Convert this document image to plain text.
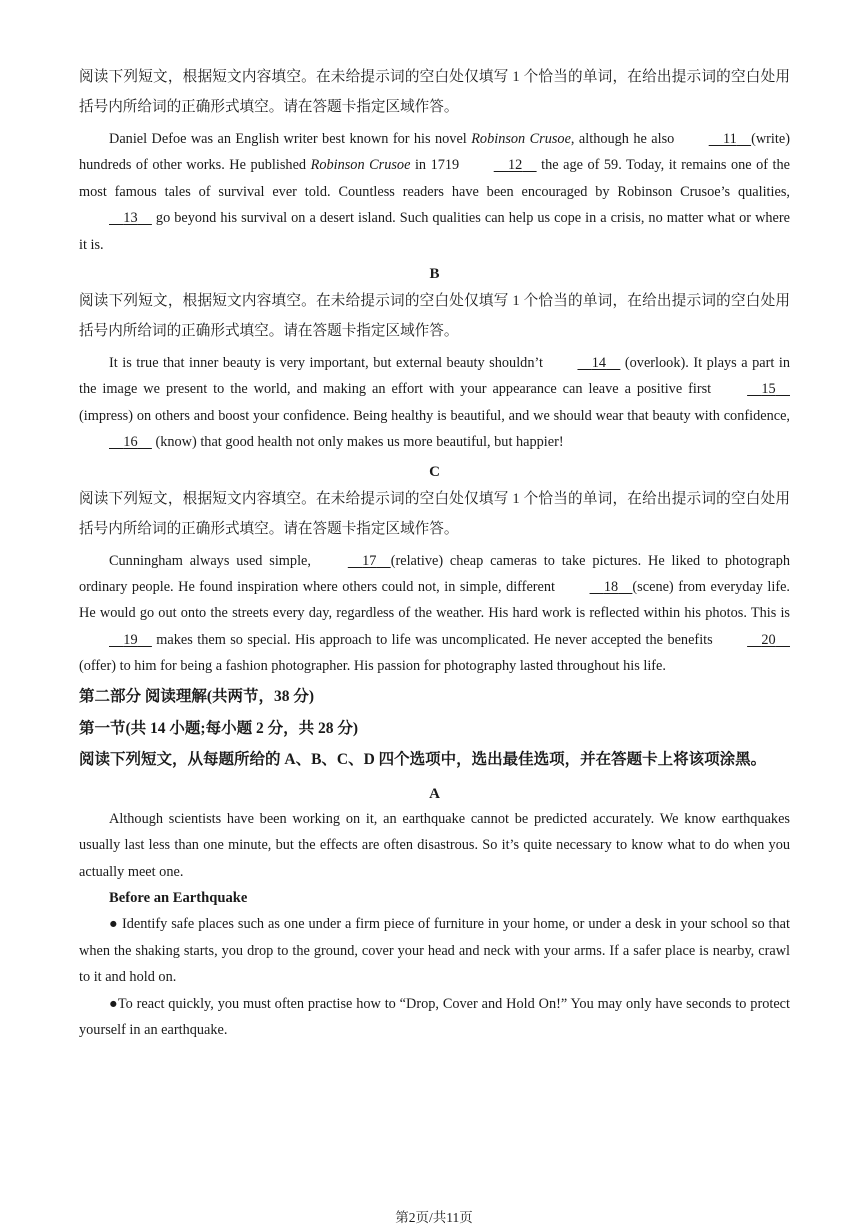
阅读下列短文，根据短文内容填空。在未给提示词的空白处仅填写 1 个恰当的单词，在给出提示词的空白处用括号内所给词的正确形式填空。请在答题卡指定区域作答。

Daniel Defoe was an English writer best known for his novel Robinson Crusoe, although he also	11 (write) hundreds of other works. He published Robinson Crusoe in 1719	12     the age of 59. Today, it remains one of the most famous tales of survival ever told. Countless readers have been encouraged by Robinson Crusoe’s qualities,     13     go beyond his survival on a desert island. Such qualities can help us cope in a crisis, no matter what or where it is.

B

阅读下列短文，根据短文内容填空。在未给提示词的空白处仅填写 1 个恰当的单词，在给出提示词的空白处用括号内所给词的正确形式填空。请在答题卡指定区域作答。

It is true that inner beauty is very important, but external beauty shouldn’t	14     (overlook). It plays a part in the image we present to the world, and making an effort with your appearance can leave a positive first	15     (impress) on others and boost your confidence. Being healthy is beautiful, and we should wear that beauty with confidence,     16     (know) that good health not only makes us more beautiful, but happier!

C

阅读下列短文，根据短文内容填空。在未给提示词的空白处仅填写 1 个恰当的单词，在给出提示词的空白处用括号内所给词的正确形式填空。请在答题卡指定区域作答。

Cunningham always used simple,	17 (relative) cheap cameras to take pictures. He liked to photograph ordinary people. He found inspiration where others could not, in simple, different	18 (scene) from everyday life. He would go out onto the streets every day, regardless of the weather. His hard work is reflected within his photos. This is     19     makes them so special. His approach to life was uncomplicated. He never accepted the benefits	20    (offer) to him for being a fashion photographer. His passion for photography lasted throughout his life.

第二部分 阅读理解(共两节，38 分)

第一节(共 14 小题;每小题 2 分，共 28 分)

阅读下列短文，从每题所给的 A、B、C、D 四个选项中，选出最佳选项，并在答题卡上将该项涂黑。

A

Although scientists have been working on it, an earthquake cannot be predicted accurately. We know earthquakes usually last less than one minute, but the effects are often disastrous. So it’s quite necessary to know what to do when you actually meet one.

Before an Earthquake

● Identify safe places such as one under a firm piece of furniture in your home, or under a desk in your school so that when the shaking starts, you drop to the ground, cover your head and neck with your arms. If a safer place is nearby, crawl to it and hold on.

●To react quickly, you must often practise how to “Drop, Cover and Hold On!” You may only have seconds to protect yourself in an earthquake.

第2页/共11页
